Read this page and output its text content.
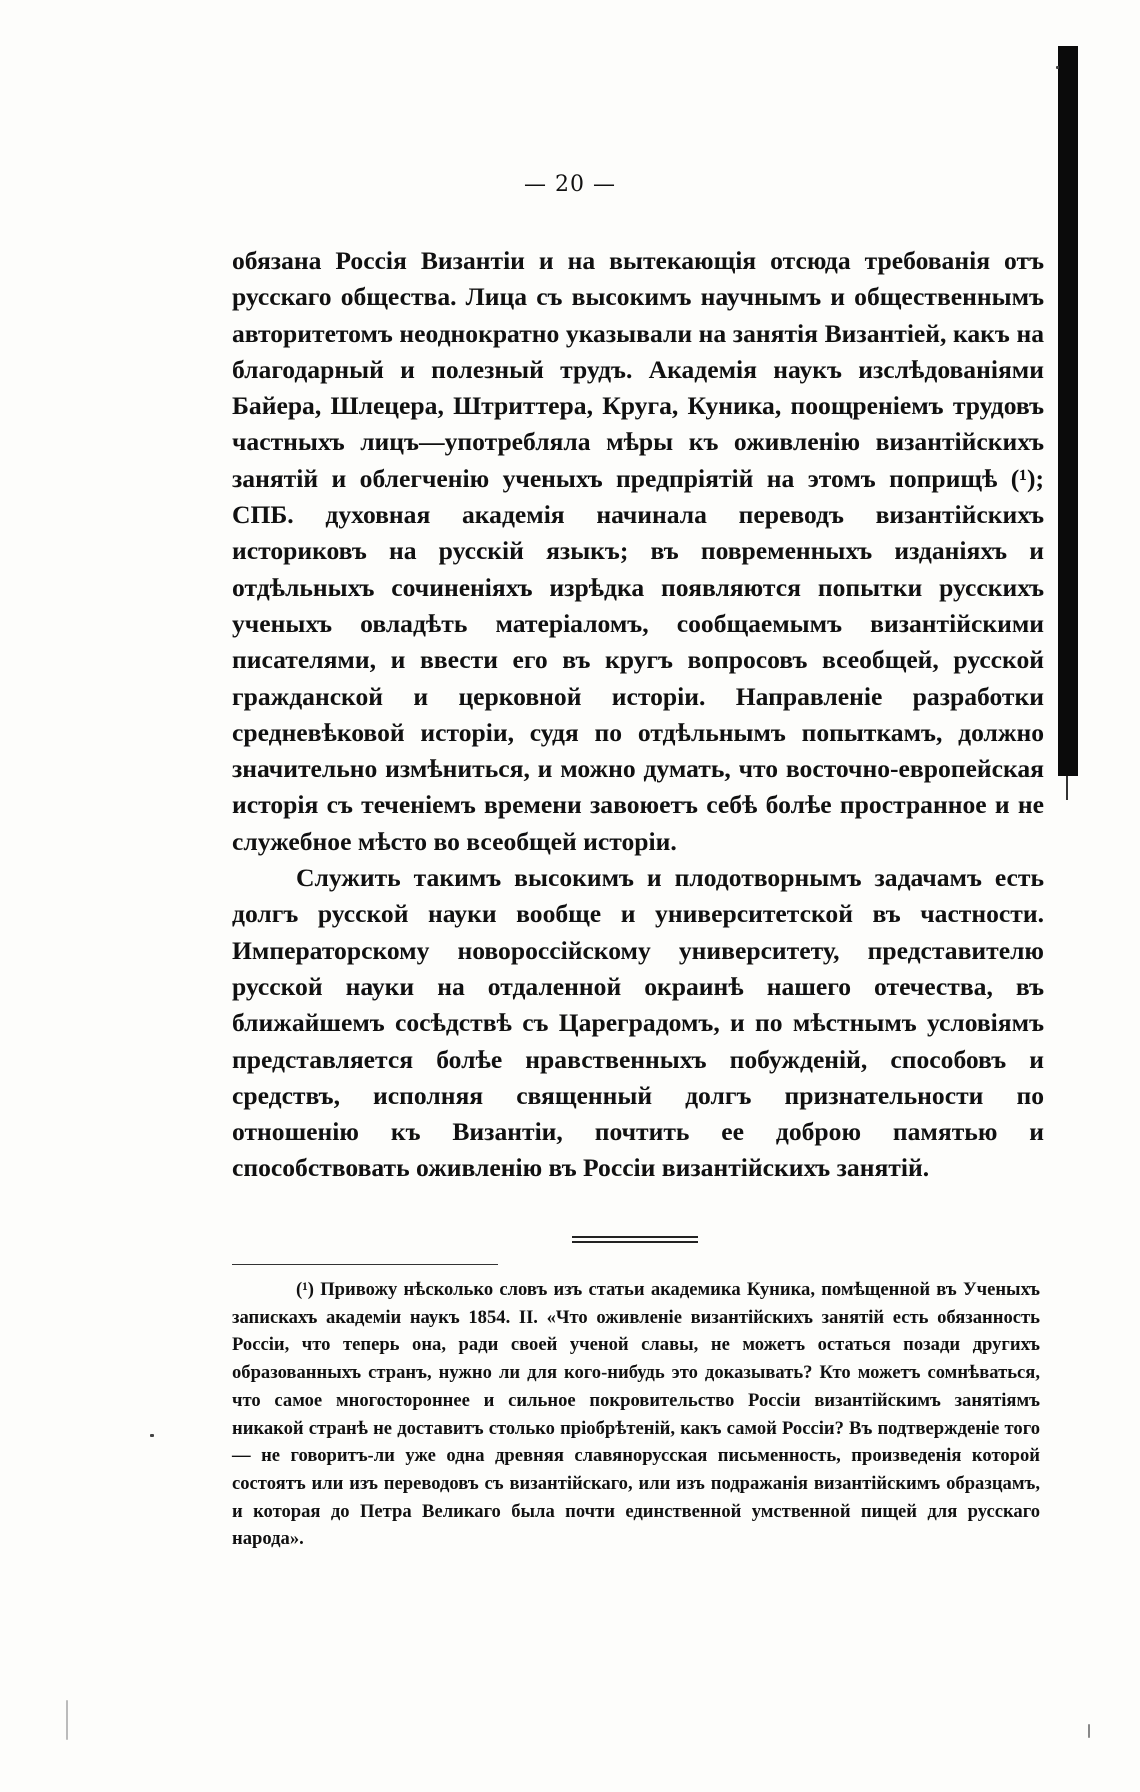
— 20 —

обязана Россія Византіи и на вытекающія отсюда требованія отъ русскаго общества. Лица съ высокимъ научнымъ и общественнымъ авторитетомъ неоднократно указывали на занятія Византіей, какъ на благодарный и полезный трудъ. Академія наукъ изслѣдованіями Байера, Шлецера, Штриттера, Круга, Куника, поощреніемъ трудовъ частныхъ лицъ—употребляла мѣры къ оживленію византійскихъ занятій и облегченію ученыхъ предпріятій на этомъ поприщѣ (¹); СПБ. духовная академія начинала переводъ византійскихъ историковъ на русскій языкъ; въ повременныхъ изданіяхъ и отдѣльныхъ сочиненіяхъ изрѣдка появляются попытки русскихъ ученыхъ овладѣть матеріаломъ, сообщаемымъ византійскими писателями, и ввести его въ кругъ вопросовъ всеобщей, русской гражданской и церковной исторіи. Направленіе разработки средневѣковой исторіи, судя по отдѣльнымъ попыткамъ, должно значительно измѣниться, и можно думать, что восточно-европейская исторія съ теченіемъ времени завоюетъ себѣ болѣе пространное и не служебное мѣсто во всеобщей исторіи.

Служить такимъ высокимъ и плодотворнымъ задачамъ есть долгъ русской науки вообще и университетской въ частности. Императорскому новороссійскому университету, представителю русской науки на отдаленной окраинѣ нашего отечества, въ ближайшемъ сосѣдствѣ съ Цареградомъ, и по мѣстнымъ условіямъ представляется болѣе нравственныхъ побужденій, способовъ и средствъ, исполняя священный долгъ признательности по отношенію къ Византіи, почтить ее доброю памятью и способствовать оживленію въ Россіи византійскихъ занятій.

(¹) Привожу нѣсколько словъ изъ статьи академика Куника, помѣщенной въ Ученыхъ запискахъ академіи наукъ 1854. II. «Что оживленіе византійскихъ занятій есть обязанность Россіи, что теперь она, ради своей ученой славы, не можетъ остаться позади другихъ образованныхъ странъ, нужно ли для кого-нибудь это доказывать? Кто можетъ сомнѣваться, что самое многостороннее и сильное покровительство Россіи византійскимъ занятіямъ никакой странѣ не доставитъ столько пріобрѣтеній, какъ самой Россіи? Въ подтвержденіе того — не говоритъ-ли уже одна древняя славянорусская письменность, произведенія которой состоятъ или изъ переводовъ съ византійскаго, или изъ подражанія византійскимъ образцамъ, и которая до Петра Великаго была почти единственной умственной пищей для русскаго народа».
